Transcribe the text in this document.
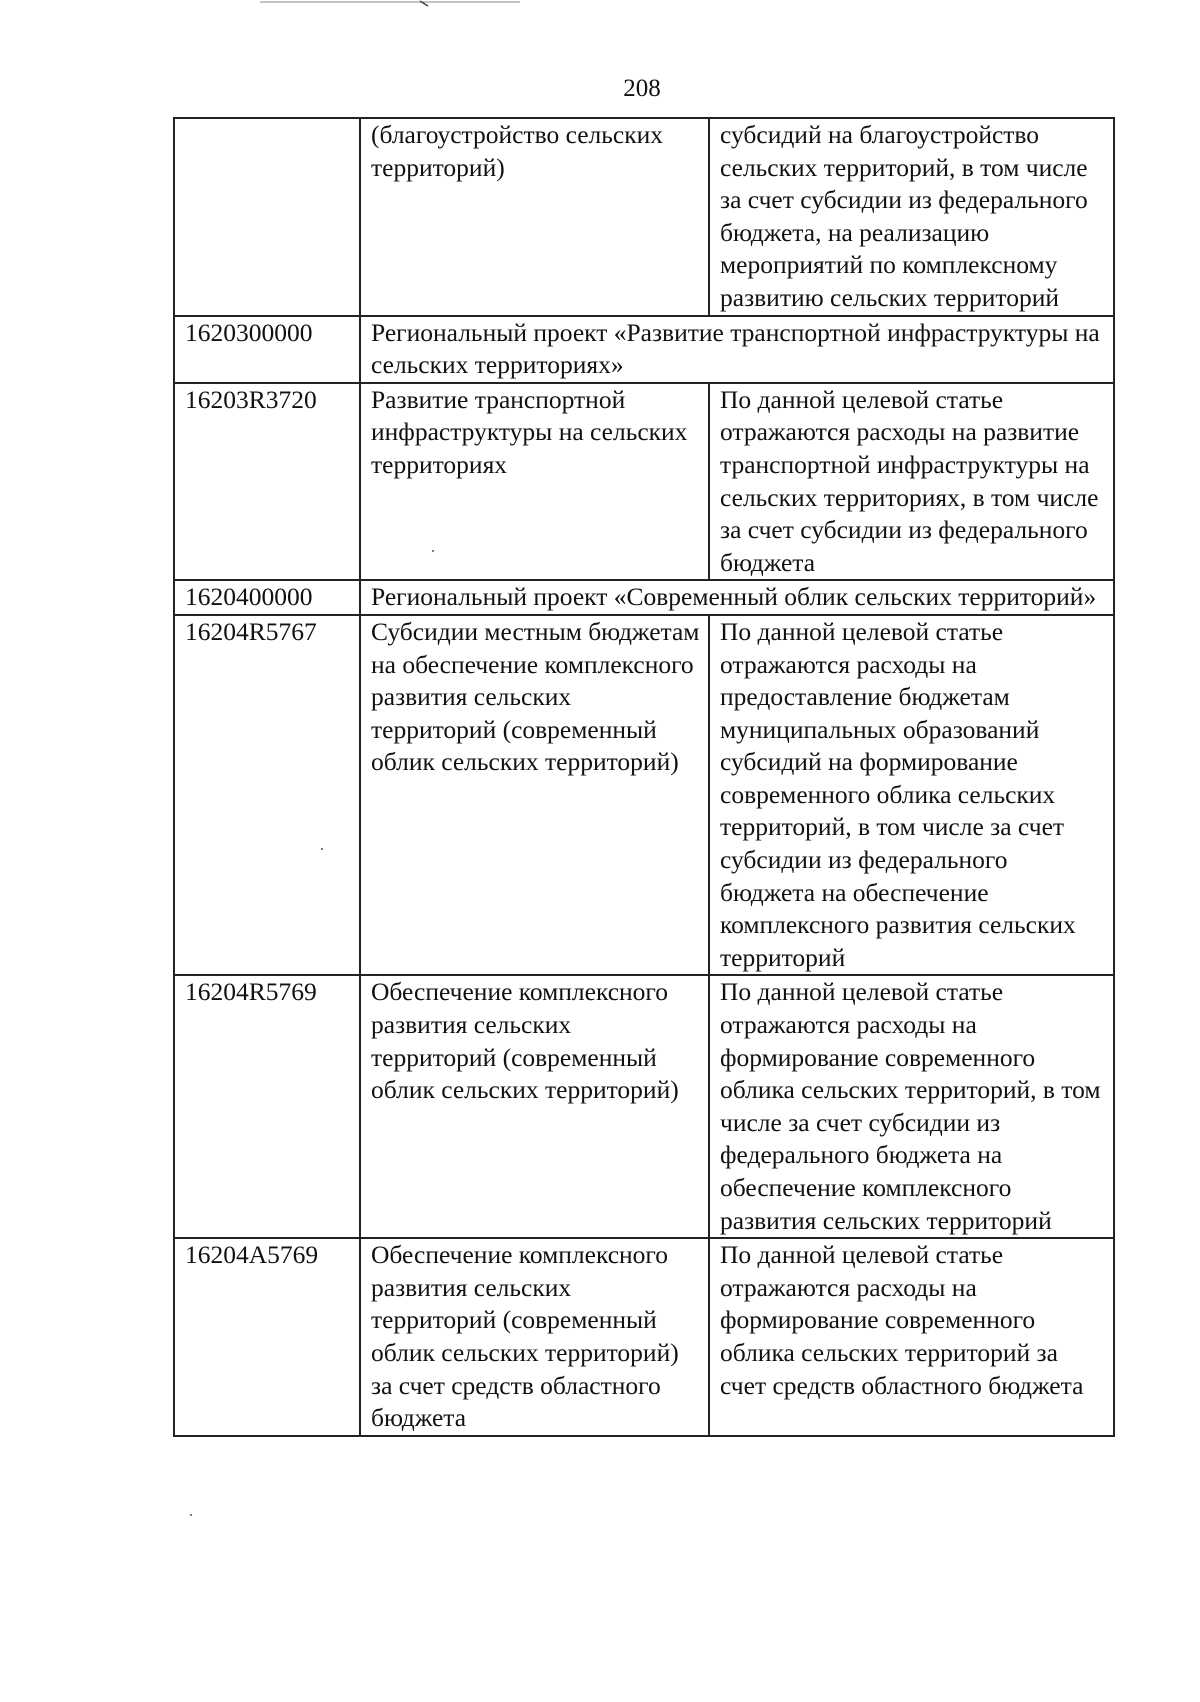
208

	(благоустройство сельских территорий)	субсидий на благоустройство сельских территорий, в том числе за счет субсидии из федерального бюджета, на реализацию мероприятий по комплексному развитию сельских территорий

1620300000	Региональный проект «Развитие транспортной инфраструктуры на сельских территориях»	

16203R3720	Развитие транспортной инфраструктуры на сельских территориях	По данной целевой статье отражаются расходы на развитие транспортной инфраструктуры на сельских территориях, в том числе за счет субсидии из федерального бюджета

1620400000	Региональный проект «Современный облик сельских территорий»	

16204R5767	Субсидии местным бюджетам на обеспечение комплексного развития сельских территорий (современный облик сельских территорий)	По данной целевой статье отражаются расходы на предоставление бюджетам муниципальных образований субсидий на формирование современного облика сельских территорий, в том числе за счет субсидии из федерального бюджета на обеспечение комплексного развития сельских территорий

16204R5769	Обеспечение комплексного развития сельских территорий (современный облик сельских территорий)	По данной целевой статье отражаются расходы на формирование современного облика сельских территорий, в том числе за счет субсидии из федерального бюджета на обеспечение комплексного развития сельских территорий

16204A5769	Обеспечение комплексного развития сельских территорий (современный облик сельских территорий) за счет средств областного бюджета	По данной целевой статье отражаются расходы на формирование современного облика сельских территорий за счет средств областного бюджета
